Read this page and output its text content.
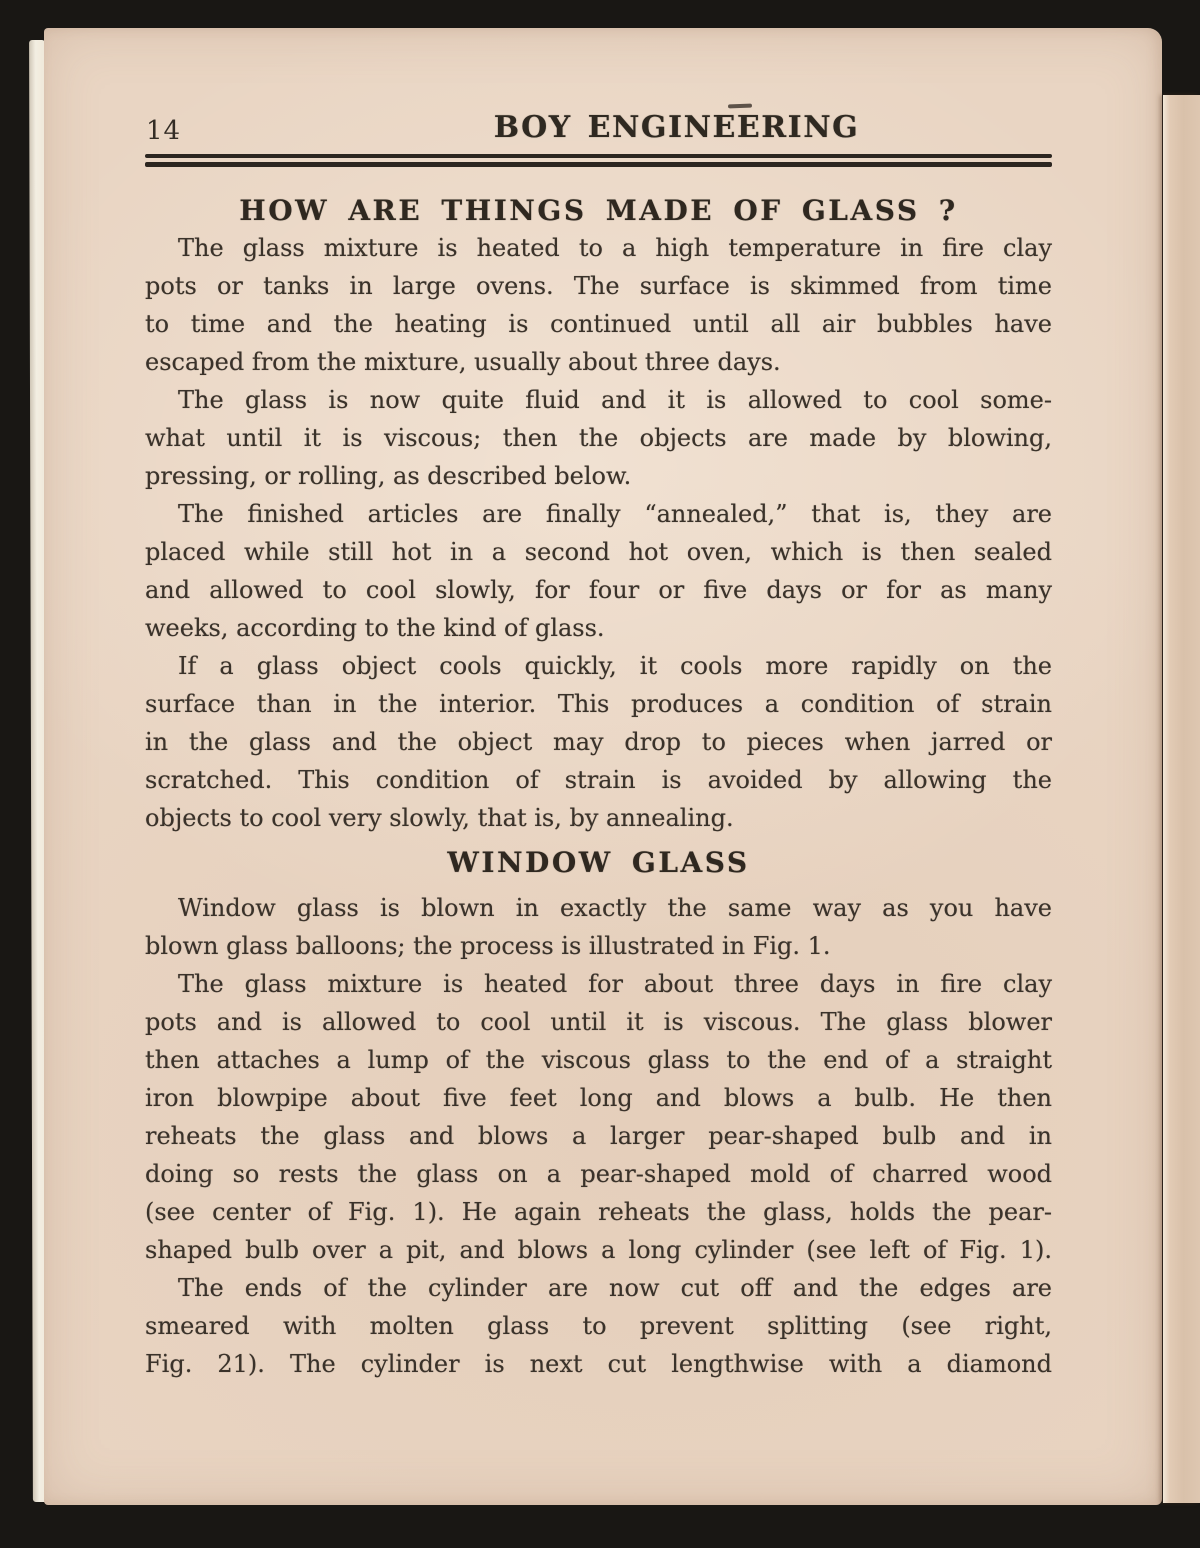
14	BOY ENGINEERING
HOW ARE THINGS MADE OF GLASS ?
The glass mixture is heated to a high temperature in fire clay
pots or tanks in large ovens. The surface is skimmed from time
to time and the heating is continued until all air bubbles have
escaped from the mixture, usually about three days.
The glass is now quite fluid and it is allowed to cool some-
what until it is viscous; then the objects are made by blowing,
pressing, or rolling, as described below.
The finished articles are finally “annealed,” that is, they are
placed while still hot in a second hot oven, which is then sealed
and allowed to cool slowly, for four or five days or for as many
weeks, according to the kind of glass.
If a glass object cools quickly, it cools more rapidly on the
surface than in the interior. This produces a condition of strain
in the glass and the object may drop to pieces when jarred or
scratched. This condition of strain is avoided by allowing the
objects to cool very slowly, that is, by annealing.
WINDOW GLASS
Window glass is blown in exactly the same way as you have
blown glass balloons; the process is illustrated in Fig. 1.
The glass mixture is heated for about three days in fire clay
pots and is allowed to cool until it is viscous. The glass blower
then attaches a lump of the viscous glass to the end of a straight
iron blowpipe about five feet long and blows a bulb. He then
reheats the glass and blows a larger pear-shaped bulb and in
doing so rests the glass on a pear-shaped mold of charred wood
(see center of Fig. 1). He again reheats the glass, holds the pear-
shaped bulb over a pit, and blows a long cylinder (see left of Fig. 1).
The ends of the cylinder are now cut off and the edges are
smeared with molten glass to prevent splitting (see right,
Fig. 21). The cylinder is next cut lengthwise with a diamond
